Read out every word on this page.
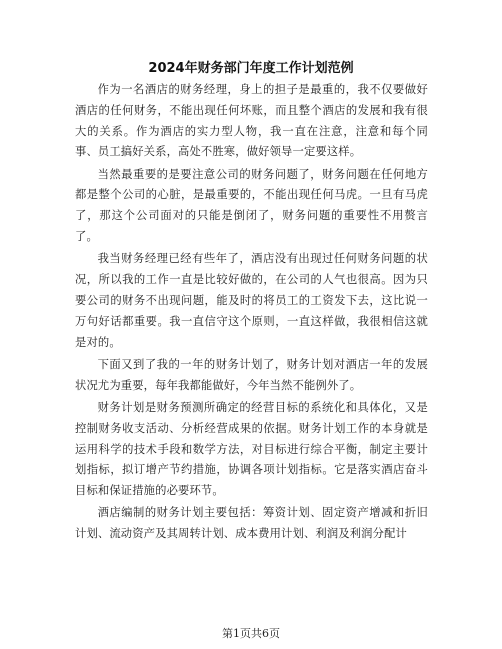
2024年财务部门年度工作计划范例

作为一名酒店的财务经理，身上的担子是最重的，我不仅要做好酒店的任何财务，不能出现任何坏账，而且整个酒店的发展和我有很大的关系。作为酒店的实力型人物，我一直在注意，注意和每个同事、员工搞好关系，高处不胜寒，做好领导一定要这样。

当然最重要的是要注意公司的财务问题了，财务问题在任何地方都是整个公司的心脏，是最重要的，不能出现任何马虎。一旦有马虎了，那这个公司面对的只能是倒闭了，财务问题的重要性不用赘言了。

我当财务经理已经有些年了，酒店没有出现过任何财务问题的状况，所以我的工作一直是比较好做的，在公司的人气也很高。因为只要公司的财务不出现问题，能及时的将员工的工资发下去，这比说一万句好话都重要。我一直信守这个原则，一直这样做，我很相信这就是对的。

下面又到了我的一年的财务计划了，财务计划对酒店一年的发展状况尤为重要，每年我都能做好，今年当然不能例外了。

财务计划是财务预测所确定的经营目标的系统化和具体化，又是控制财务收支活动、分析经营成果的依据。财务计划工作的本身就是运用科学的技术手段和数学方法，对目标进行综合平衡，制定主要计划指标，拟订增产节约措施，协调各项计划指标。它是落实酒店奋斗目标和保证措施的必要环节。

酒店编制的财务计划主要包括：筹资计划、固定资产增减和折旧计划、流动资产及其周转计划、成本费用计划、利润及利润分配计

第1页共6页
